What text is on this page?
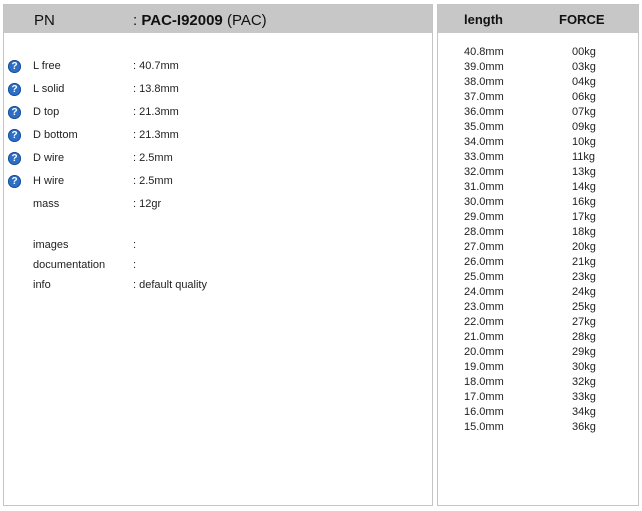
PN	: PAC-I92009 (PAC)
?	L free	: 40.7mm
?	L solid	: 13.8mm
?	D top	: 21.3mm
?	D bottom	: 21.3mm
?	D wire	: 2.5mm
?	H wire	: 2.5mm
mass	: 12gr
images	:
documentation	:
info	: default quality
length	FORCE
40.8mm	00kg
39.0mm	03kg
38.0mm	04kg
37.0mm	06kg
36.0mm	07kg
35.0mm	09kg
34.0mm	10kg
33.0mm	11kg
32.0mm	13kg
31.0mm	14kg
30.0mm	16kg
29.0mm	17kg
28.0mm	18kg
27.0mm	20kg
26.0mm	21kg
25.0mm	23kg
24.0mm	24kg
23.0mm	25kg
22.0mm	27kg
21.0mm	28kg
20.0mm	29kg
19.0mm	30kg
18.0mm	32kg
17.0mm	33kg
16.0mm	34kg
15.0mm	36kg
